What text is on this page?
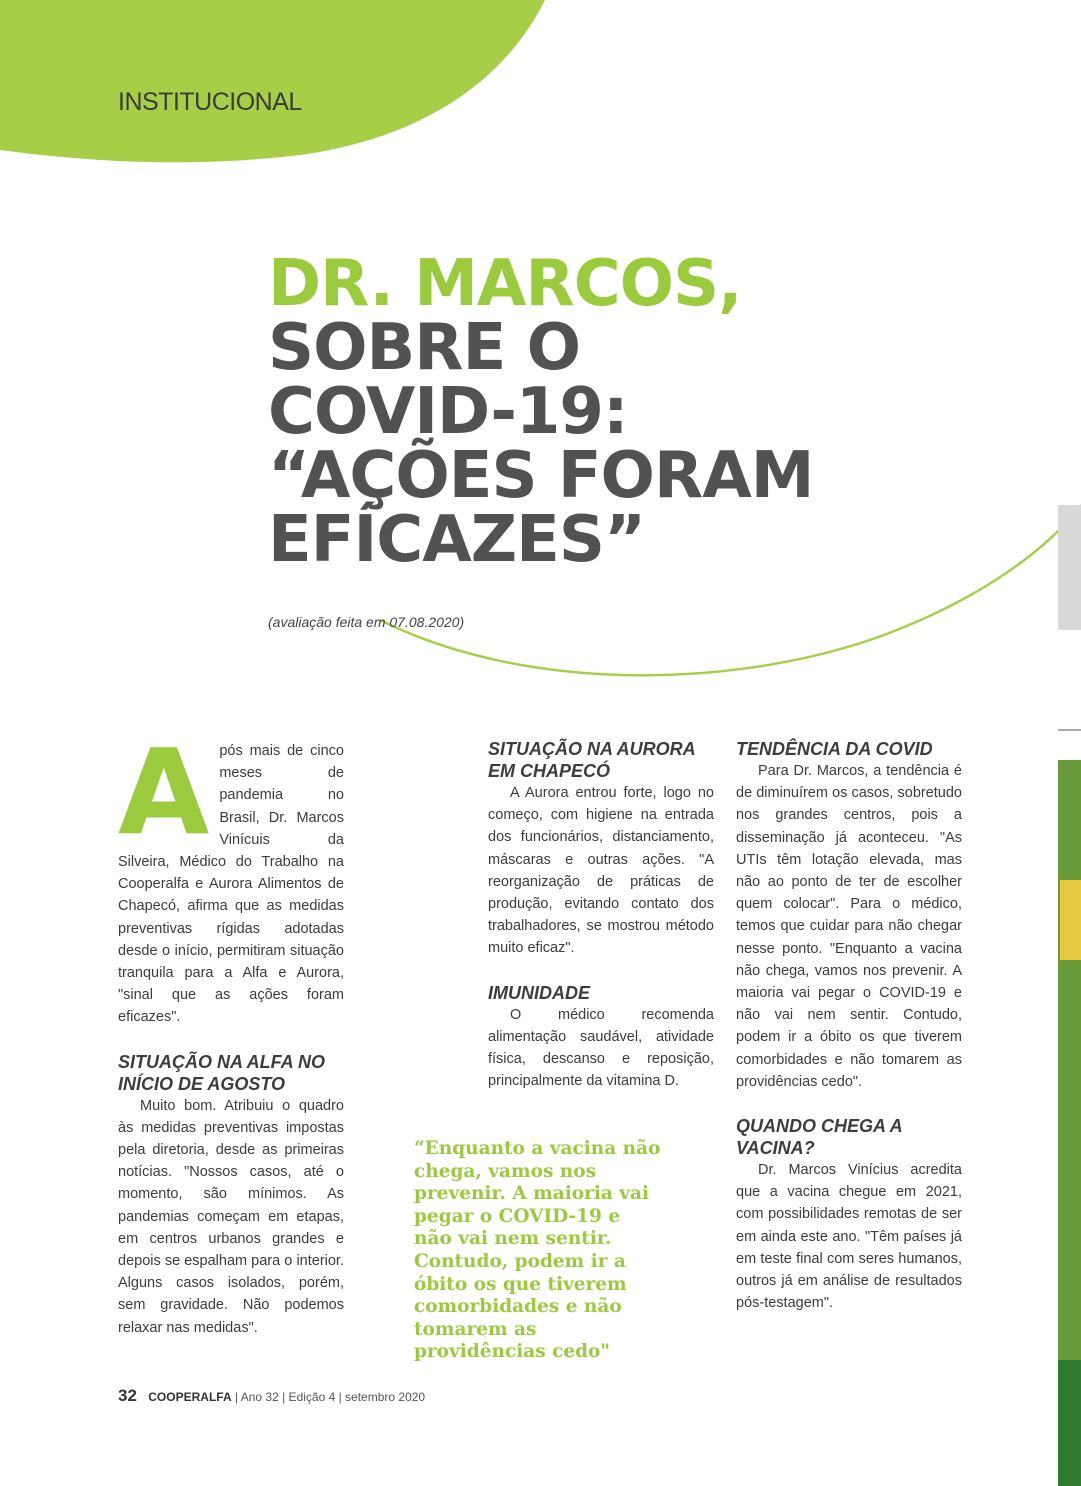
INSTITUCIONAL
DR. MARCOS,
SOBRE O
COVID-19:
“AÇÕES FORAM
EFÍCAZES”
(avaliação feita em 07.08.2020)
A pós mais de cinco meses de pandemia no Brasil, Dr. Marcos Vinícuis da Silveira, Médico do Trabalho na Cooperalfa e Aurora Alimentos de Chapecó, afirma que as medidas preventivas rígidas adotadas desde o início, permitiram situação tranquila para a Alfa e Aurora, "sinal que as ações foram eficazes".

SITUAÇÃO NA ALFA NO INÍCIO DE AGOSTO

Muito bom. Atribuiu o quadro às medidas preventivas impostas pela diretoria, desde as primeiras notícias. "Nossos casos, até o momento, são mínimos. As pandemias começam em etapas, em centros urbanos grandes e depois se espalham para o interior. Alguns casos isolados, porém, sem gravidade. Não podemos relaxar nas medidas".

SITUAÇÃO NA AURORA EM CHAPECÓ

A Aurora entrou forte, logo no começo, com higiene na entrada dos funcionários, distanciamento, máscaras e outras ações. "A reorganização de práticas de produção, evitando contato dos trabalhadores, se mostrou método muito eficaz".

IMUNIDADE

O médico recomenda alimentação saudável, atividade física, descanso e reposição, principalmente da vitamina D.

“Enquanto a vacina não chega, vamos nos prevenir. A maioria vai pegar o COVID-19 e não vai nem sentir. Contudo, podem ir a óbito os que tiverem comorbidades e não tomarem as providências cedo"
TENDÊNCIA DA COVID

Para Dr. Marcos, a tendência é de diminuírem os casos, sobretudo nos grandes centros, pois a disseminação já aconteceu. "As UTIs têm lotação elevada, mas não ao ponto de ter de escolher quem colocar". Para o médico, temos que cuidar para não chegar nesse ponto. "Enquanto a vacina não chega, vamos nos prevenir. A maioria vai pegar o COVID-19 e não vai nem sentir. Contudo, podem ir a óbito os que tiverem comorbidades e não tomarem as providências cedo".

QUANDO CHEGA A VACINA?

Dr. Marcos Vinícius acredita que a vacina chegue em 2021, com possibilidades remotas de ser em ainda este ano. "Têm países já em teste final com seres humanos, outros já em análise de resultados pós-testagem".

32 COOPERALFA | Ano 32 | Edição 4 | setembro 2020
